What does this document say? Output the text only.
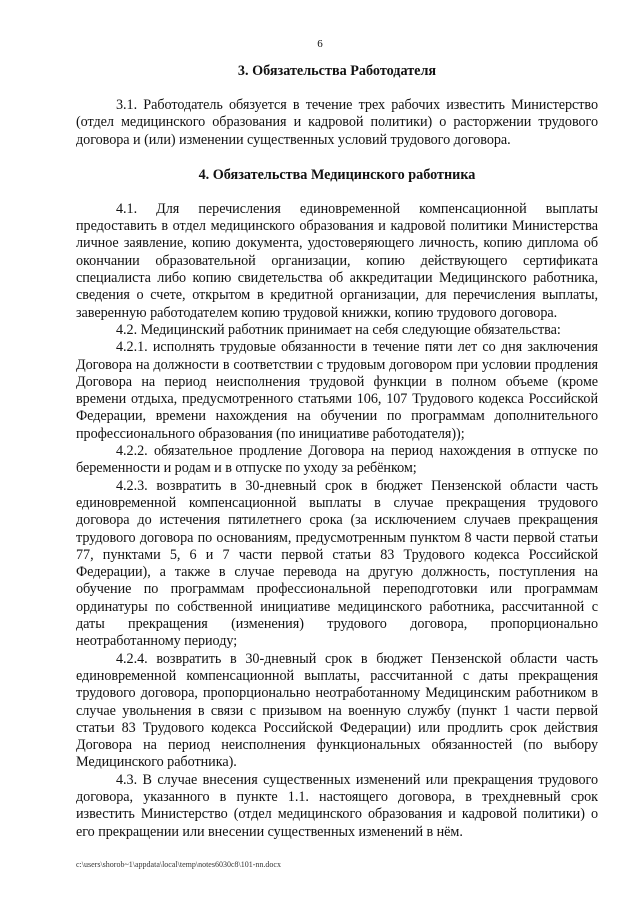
6
3. Обязательства Работодателя

3.1. Работодатель обязуется в течение трех рабочих известить Министерство (отдел медицинского образования и кадровой политики) о расторжении трудового договора и (или) изменении существенных условий трудового договора.

4. Обязательства Медицинского работника

4.1. Для перечисления единовременной компенсационной выплаты предоставить в отдел медицинского образования и кадровой политики Министерства личное заявление, копию документа, удостоверяющего личность, копию диплома об окончании образовательной организации, копию действующего сертификата специалиста либо копию свидетельства об аккредитации Медицинского работника, сведения о счете, открытом в кредитной организации, для перечисления выплаты, заверенную работодателем копию трудовой книжки, копию трудового договора.

4.2. Медицинский работник принимает на себя следующие обязательства:

4.2.1. исполнять трудовые обязанности в течение пяти лет со дня заключения Договора на должности в соответствии с трудовым договором при условии продления Договора на период неисполнения трудовой функции в полном объеме (кроме времени отдыха, предусмотренного статьями 106, 107 Трудового кодекса Российской Федерации, времени нахождения на обучении по программам дополнительного профессионального образования (по инициативе работодателя));

4.2.2. обязательное продление Договора на период нахождения в отпуске по беременности и родам и в отпуске по уходу за ребёнком;

4.2.3. возвратить в 30-дневный срок в бюджет Пензенской области часть единовременной компенсационной выплаты в случае прекращения трудового договора до истечения пятилетнего срока (за исключением случаев прекращения трудового договора по основаниям, предусмотренным пунктом 8 части первой статьи 77, пунктами 5, 6 и 7 части первой статьи 83 Трудового кодекса Российской Федерации), а также в случае перевода на другую должность, поступления на обучение по программам профессиональной переподготовки или программам ординатуры по собственной инициативе медицинского работника, рассчитанной с даты прекращения (изменения) трудового договора, пропорционально неотработанному периоду;

4.2.4. возвратить в 30-дневный срок в бюджет Пензенской области часть единовременной компенсационной выплаты, рассчитанной с даты прекращения трудового договора, пропорционально неотработанному Медицинским работником в случае увольнения в связи с призывом на военную службу (пункт 1 части первой статьи 83 Трудового кодекса Российской Федерации) или продлить срок действия Договора на период неисполнения функциональных обязанностей (по выбору Медицинского работника).

4.3. В случае внесения существенных изменений или прекращения трудового договора, указанного в пункте 1.1. настоящего договора, в трехдневный срок известить Министерство (отдел медицинского образования и кадровой политики) о его прекращении или внесении существенных изменений в нём.

c:\users\shorob~1\appdata\local\temp\notes6030c8\101-nn.docx
